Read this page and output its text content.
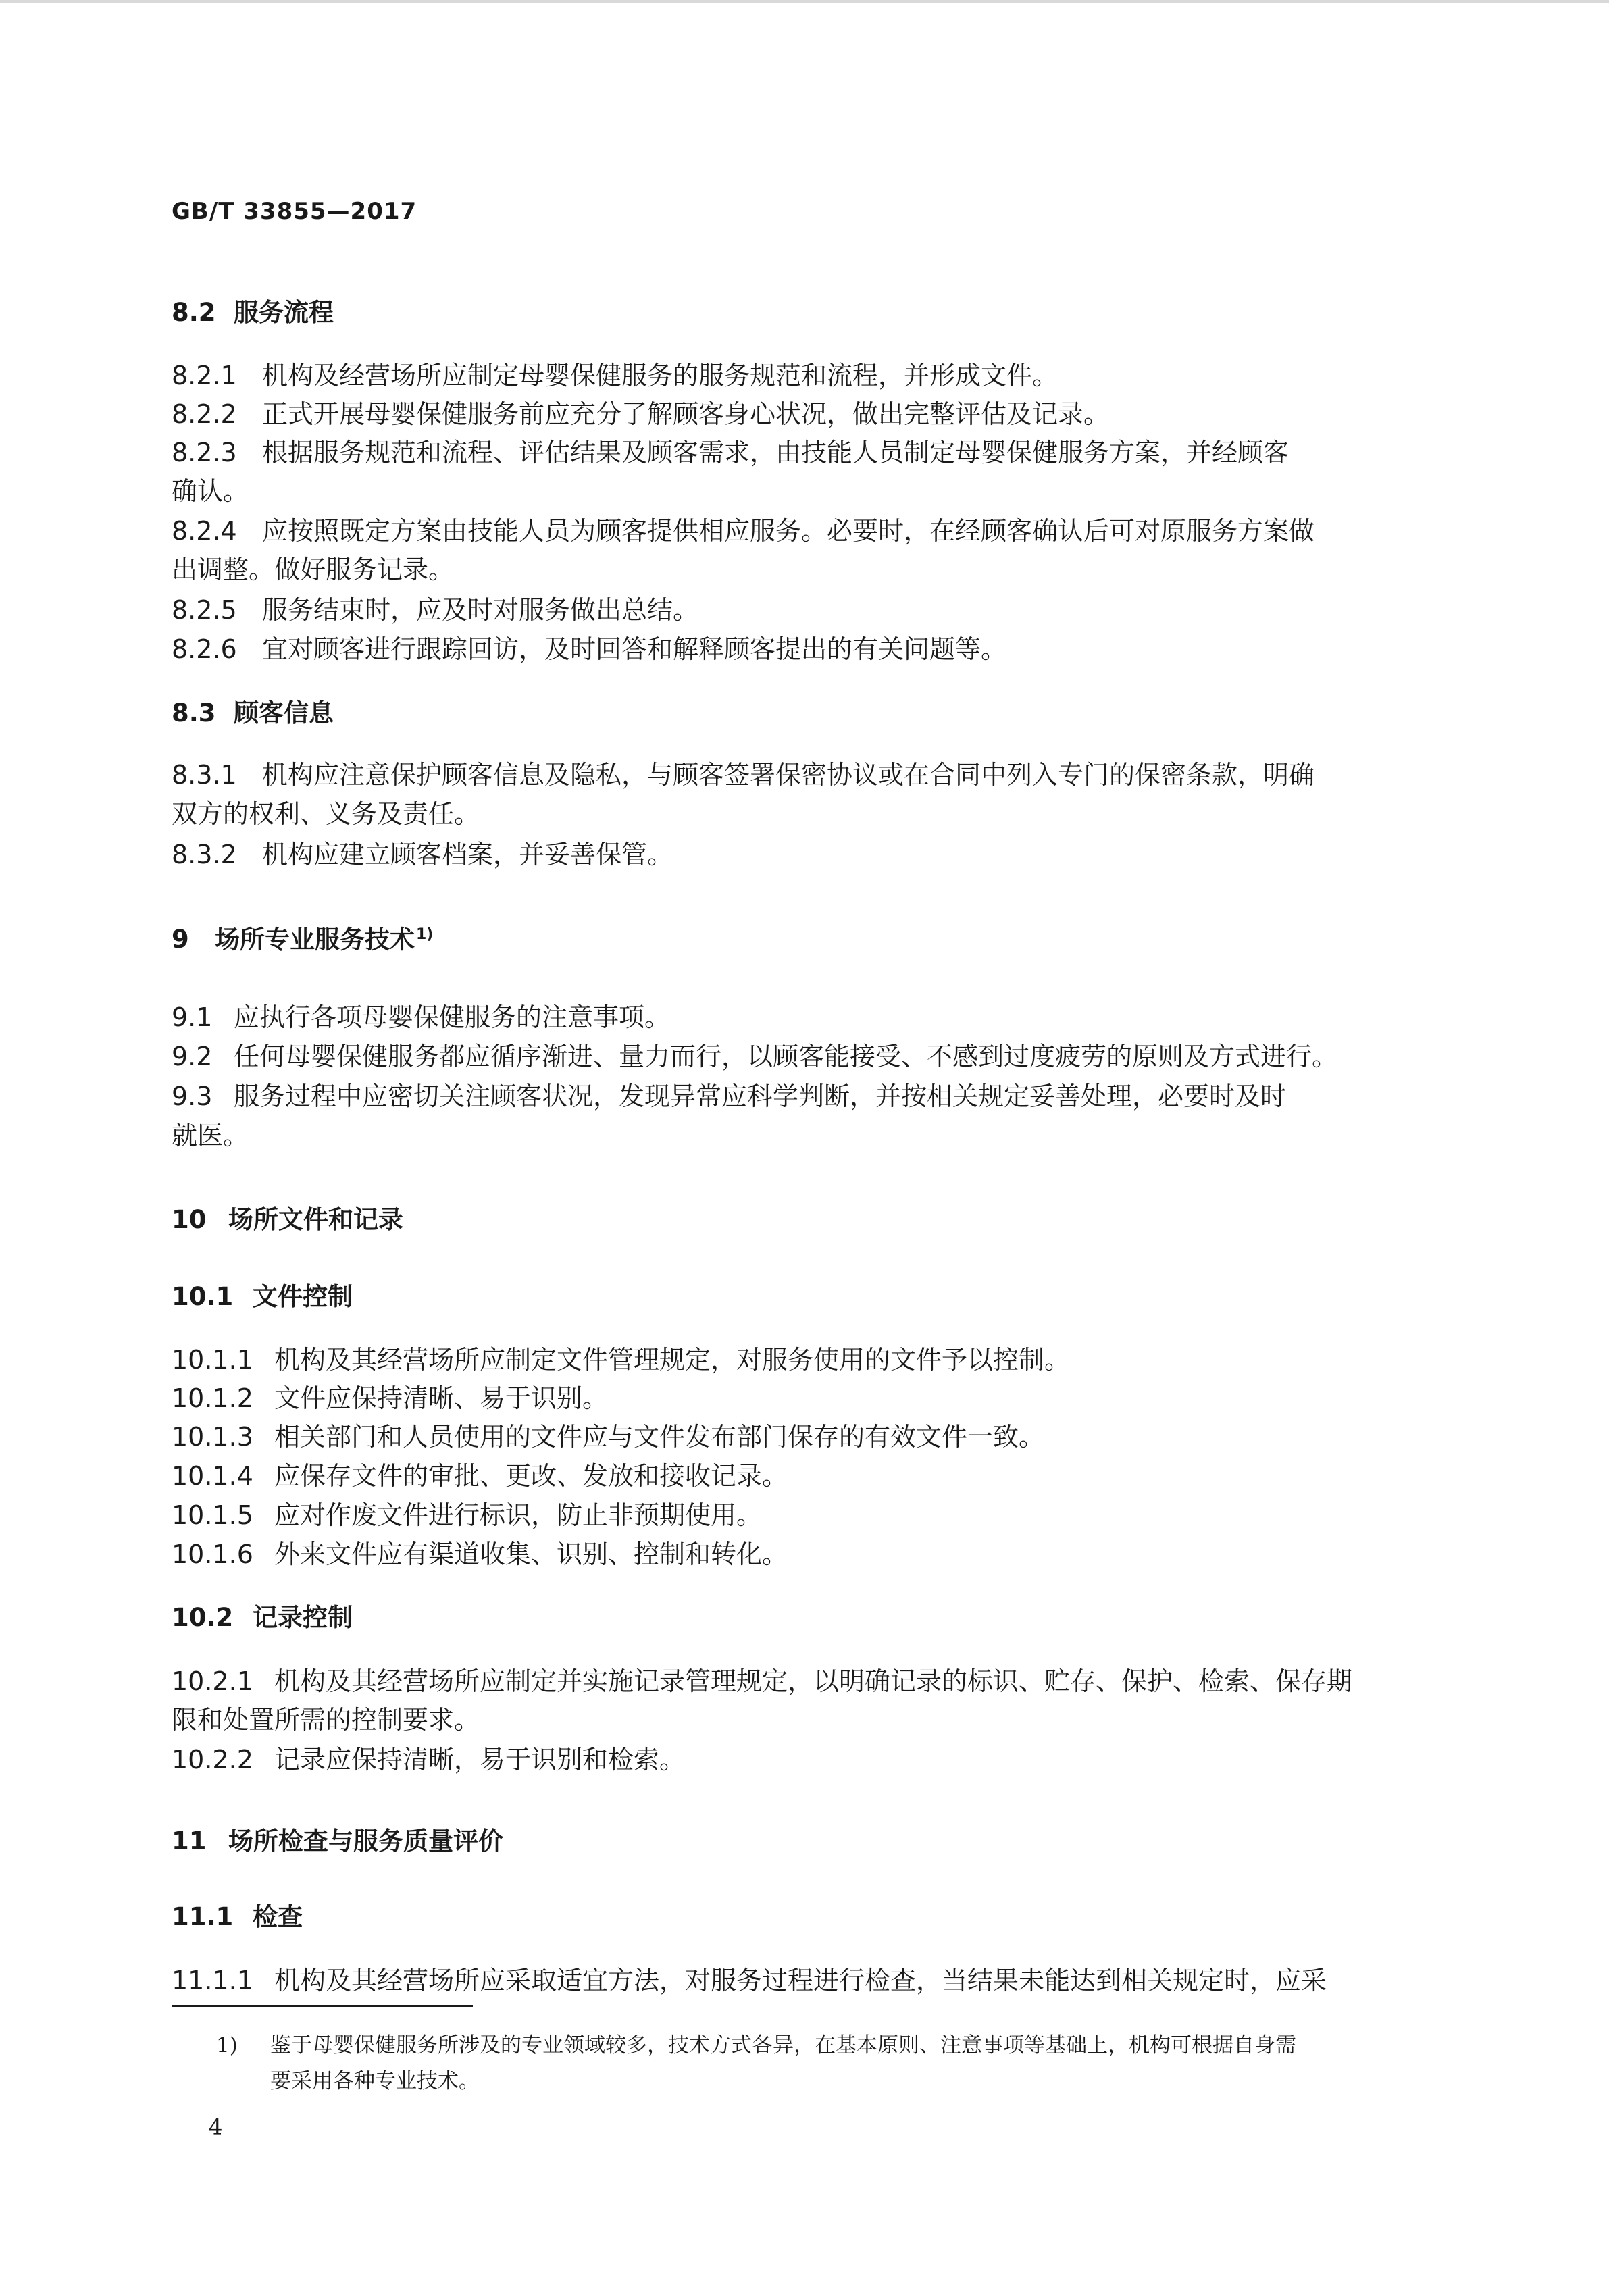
GB/T 33855—2017
8.2 服务流程
8.2.1 机构及经营场所应制定母婴保健服务的服务规范和流程，并形成文件。
8.2.2 正式开展母婴保健服务前应充分了解顾客身心状况，做出完整评估及记录。
8.2.3 根据服务规范和流程、评估结果及顾客需求，由技能人员制定母婴保健服务方案，并经顾客
确认。
8.2.4 应按照既定方案由技能人员为顾客提供相应服务。必要时，在经顾客确认后可对原服务方案做
出调整。做好服务记录。
8.2.5 服务结束时，应及时对服务做出总结。
8.2.6 宜对顾客进行跟踪回访，及时回答和解释顾客提出的有关问题等。
8.3 顾客信息
8.3.1 机构应注意保护顾客信息及隐私，与顾客签署保密协议或在合同中列入专门的保密条款，明确
双方的权利、义务及责任。
8.3.2 机构应建立顾客档案，并妥善保管。
9 场所专业服务技术$^{1)}$
9.1 应执行各项母婴保健服务的注意事项。
9.2 任何母婴保健服务都应循序渐进、量力而行，以顾客能接受、不感到过度疲劳的原则及方式进行。
9.3 服务过程中应密切关注顾客状况，发现异常应科学判断，并按相关规定妥善处理，必要时及时
就医。
10 场所文件和记录
10.1 文件控制
10.1.1 机构及其经营场所应制定文件管理规定，对服务使用的文件予以控制。
10.1.2 文件应保持清晰、易于识别。
10.1.3 相关部门和人员使用的文件应与文件发布部门保存的有效文件一致。
10.1.4 应保存文件的审批、更改、发放和接收记录。
10.1.5 应对作废文件进行标识，防止非预期使用。
10.1.6 外来文件应有渠道收集、识别、控制和转化。
10.2 记录控制
10.2.1 机构及其经营场所应制定并实施记录管理规定，以明确记录的标识、贮存、保护、检索、保存期
限和处置所需的控制要求。
10.2.2 记录应保持清晰，易于识别和检索。
11 场所检查与服务质量评价
11.1 检查
11.1.1 机构及其经营场所应采取适宜方法，对服务过程进行检查，当结果未能达到相关规定时，应采
1) 鉴于母婴保健服务所涉及的专业领域较多，技术方式各异，在基本原则、注意事项等基础上，机构可根据自身需
要采用各种专业技术。
4
